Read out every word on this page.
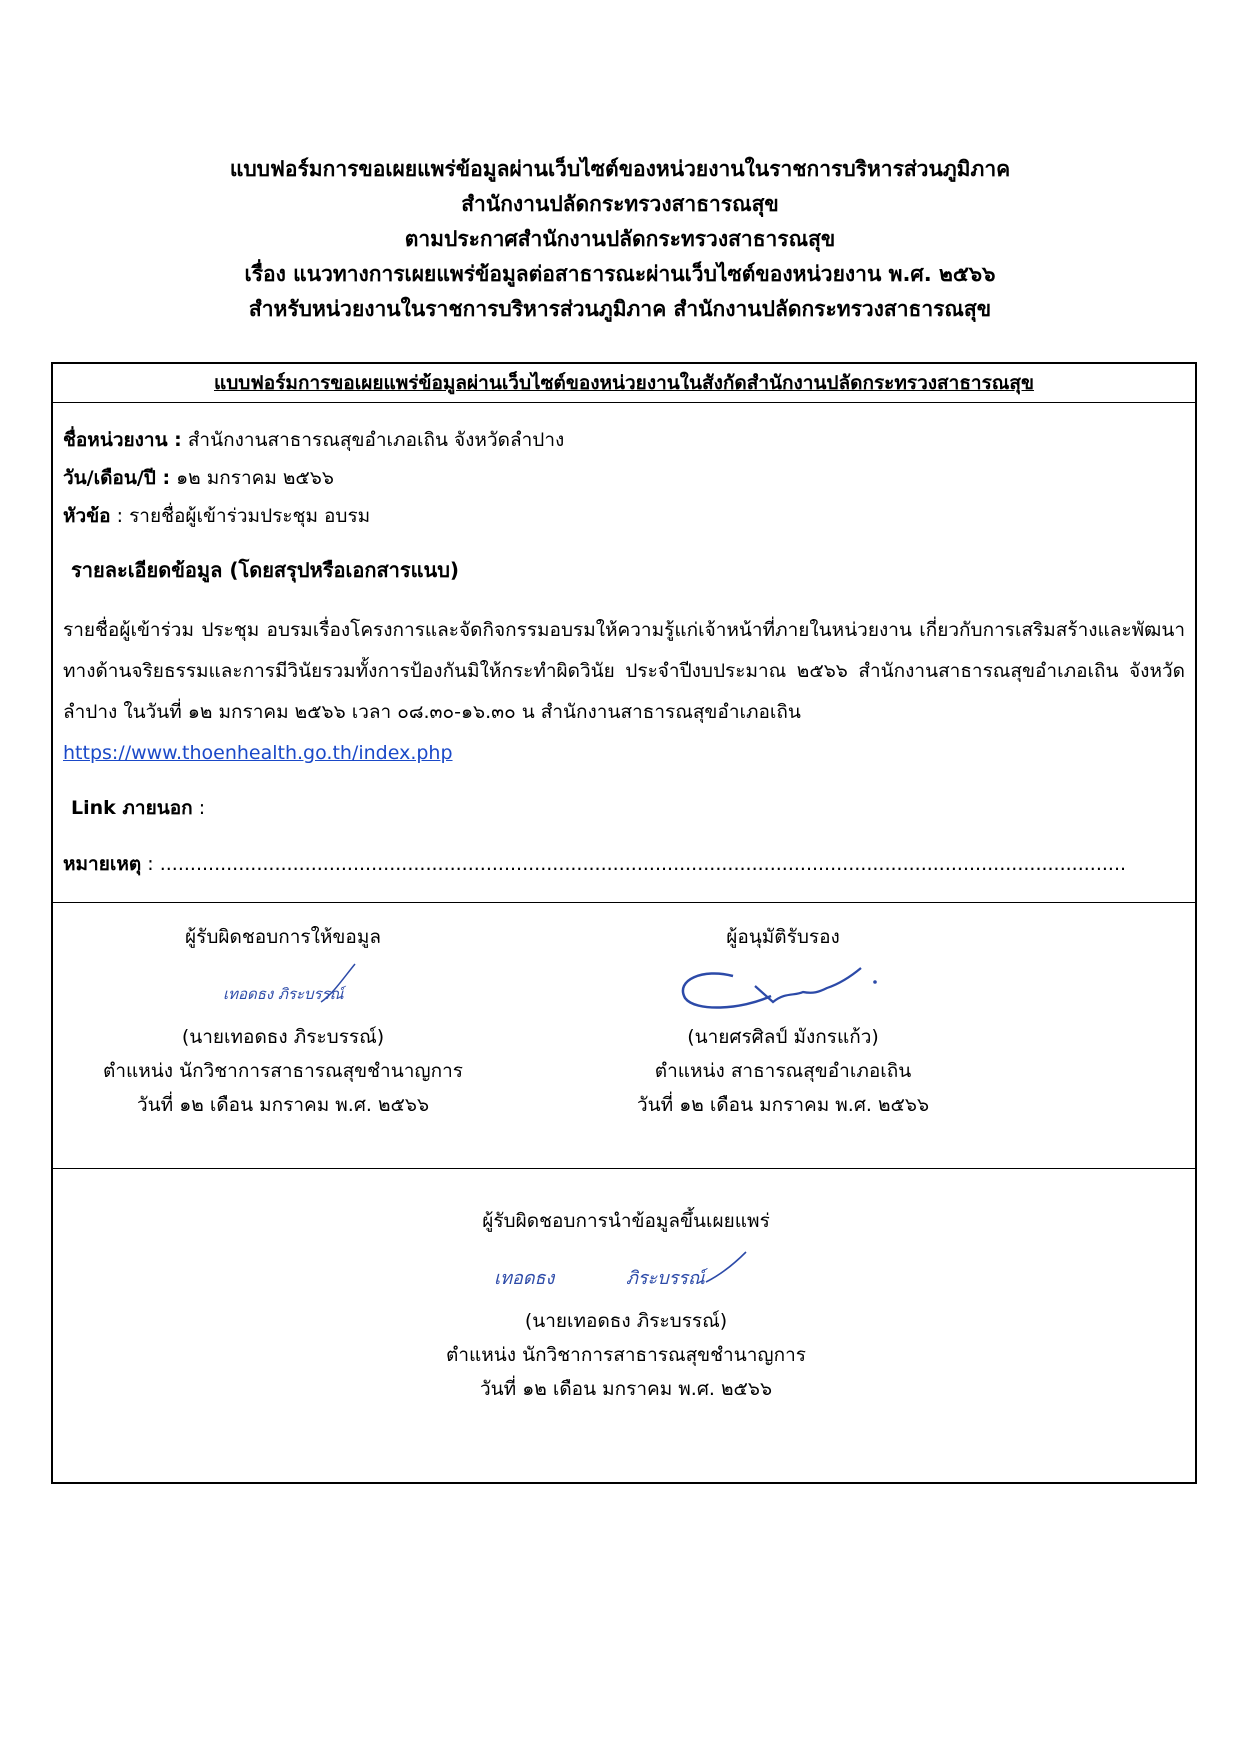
แบบฟอร์มการขอเผยแพร่ข้อมูลผ่านเว็บไซต์ของหน่วยงานในราชการบริหารส่วนภูมิภาค
สำนักงานปลัดกระทรวงสาธารณสุข
ตามประกาศสำนักงานปลัดกระทรวงสาธารณสุข
เรื่อง แนวทางการเผยแพร่ข้อมูลต่อสาธารณะผ่านเว็บไซต์ของหน่วยงาน พ.ศ. ๒๕๖๖
สำหรับหน่วยงานในราชการบริหารส่วนภูมิภาค สำนักงานปลัดกระทรวงสาธารณสุข
แบบฟอร์มการขอเผยแพร่ข้อมูลผ่านเว็บไซต์ของหน่วยงานในสังกัดสำนักงานปลัดกระทรวงสาธารณสุข
ชื่อหน่วยงาน : สำนักงานสาธารณสุขอำเภอเถิน จังหวัดลำปาง
วัน/เดือน/ปี : ๑๒ มกราคม ๒๕๖๖
หัวข้อ : รายชื่อผู้เข้าร่วมประชุม อบรม
รายละเอียดข้อมูล (โดยสรุปหรือเอกสารแนบ)
รายชื่อผู้เข้าร่วม ประชุม อบรมเรื่องโครงการและจัดกิจกรรมอบรมให้ความรู้แก่เจ้าหน้าที่ภายในหน่วยงาน เกี่ยวกับการเสริมสร้างและพัฒนาทางด้านจริยธรรมและการมีวินัยรวมทั้งการป้องกันมิให้กระทำผิดวินัย ประจำปีงบประมาณ ๒๕๖๖ สำนักงานสาธารณสุขอำเภอเถิน จังหวัดลำปาง ในวันที่ ๑๒ มกราคม ๒๕๖๖ เวลา ๐๘.๓๐-๑๖.๓๐ น สำนักงานสาธารณสุขอำเภอเถิน
https://www.thoenhealth.go.th/index.php
Link ภายนอก :
หมายเหตุ : ................................................................................................................................................................
ผู้รับผิดชอบการให้ขอมูล
เทอดธง ภิระบรรณ์
(นายเทอดธง ภิระบรรณ์)
ตำแหน่ง นักวิชาการสาธารณสุขชำนาญการ
วันที่ ๑๒ เดือน มกราคม พ.ศ. ๒๕๖๖
ผู้อนุมัติรับรอง
(นายศรศิลป์ มังกรแก้ว)
ตำแหน่ง สาธารณสุขอำเภอเถิน
วันที่ ๑๒ เดือน มกราคม พ.ศ. ๒๕๖๖
ผู้รับผิดชอบการนำข้อมูลขึ้นเผยแพร่
เทอดธง	ภิระบรรณ์
(นายเทอดธง ภิระบรรณ์)
ตำแหน่ง นักวิชาการสาธารณสุขชำนาญการ
วันที่ ๑๒ เดือน มกราคม พ.ศ. ๒๕๖๖
